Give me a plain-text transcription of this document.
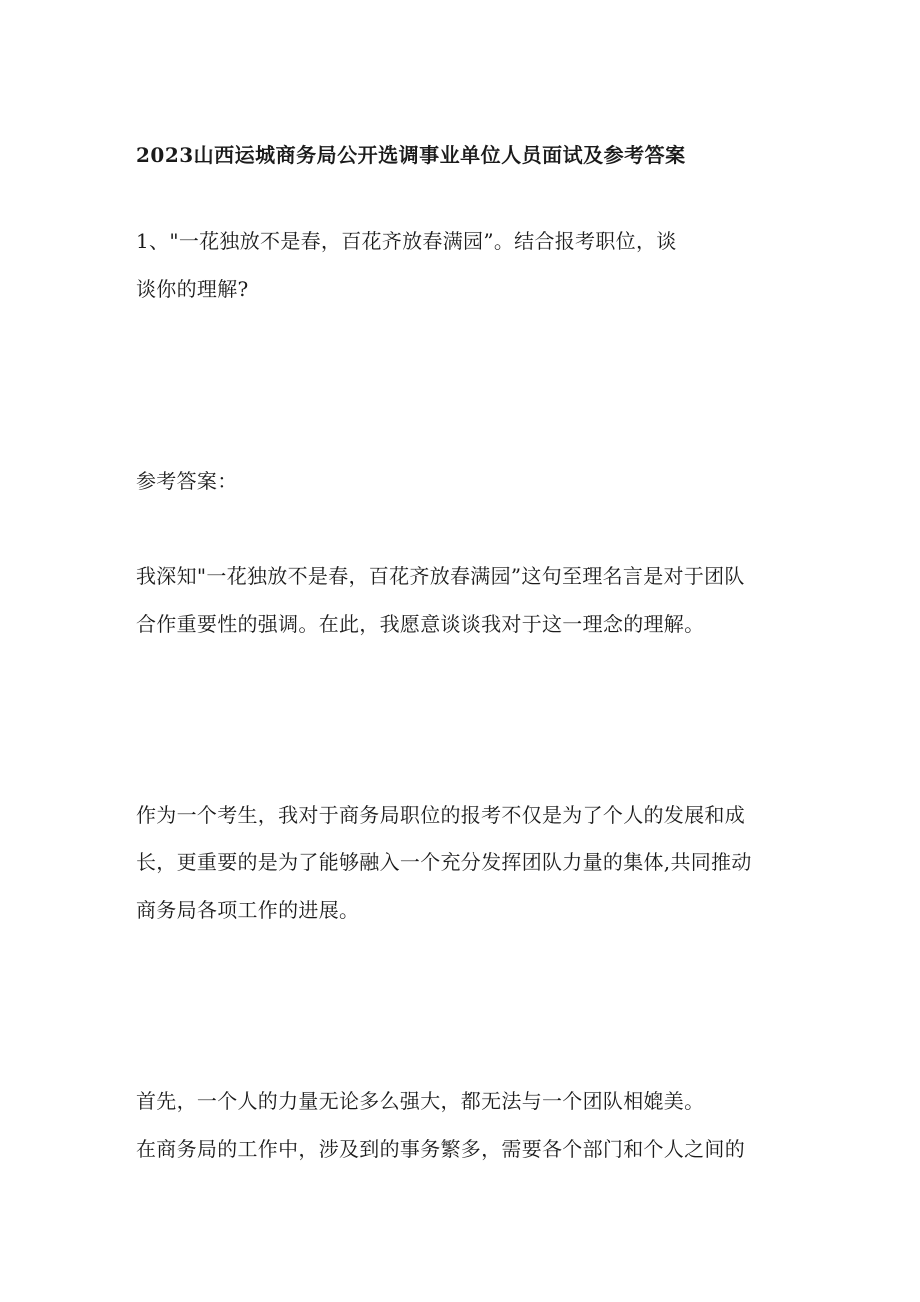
2023山西运城商务局公开选调事业单位人员面试及参考答案

1、"一花独放不是春，百花齐放春满园”。结合报考职位，谈

谈你的理解?

参考答案：

我深知"一花独放不是春，百花齐放春满园”这句至理名言是对于团队

合作重要性的强调。在此，我愿意谈谈我对于这一理念的理解。

作为一个考生，我对于商务局职位的报考不仅是为了个人的发展和成

长，更重要的是为了能够融入一个充分发挥团队力量的集体,共同推动

商务局各项工作的进展。

首先，一个人的力量无论多么强大，都无法与一个团队相媲美。

在商务局的工作中，涉及到的事务繁多，需要各个部门和个人之间的
